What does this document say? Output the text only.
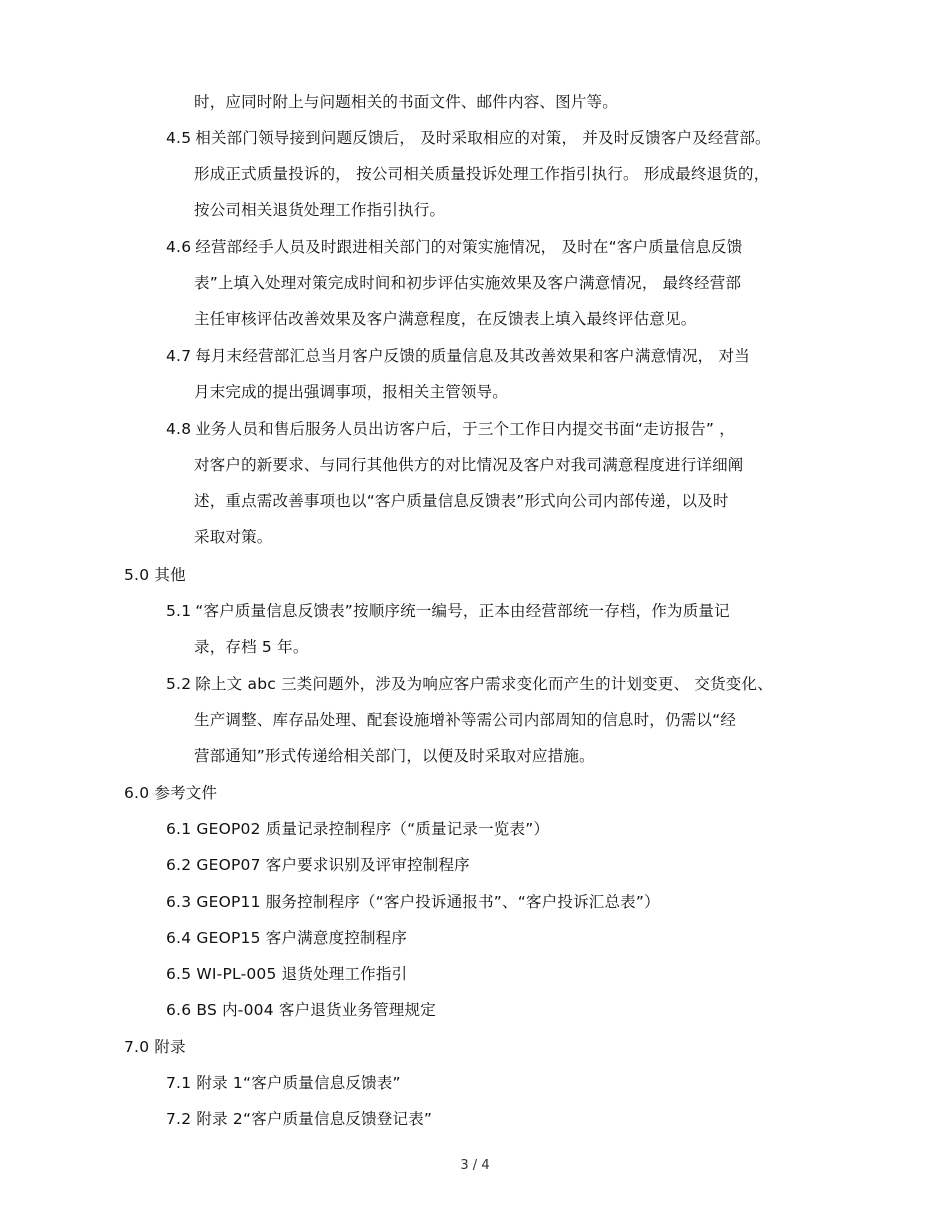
时，应同时附上与问题相关的书面文件、邮件内容、图片等。
4.5 相关部门领导接到问题反馈后， 及时采取相应的对策， 并及时反馈客户及经营部。
形成正式质量投诉的， 按公司相关质量投诉处理工作指引执行。 形成最终退货的，
按公司相关退货处理工作指引执行。
4.6 经营部经手人员及时跟进相关部门的对策实施情况， 及时在“客户质量信息反馈
表”上填入处理对策完成时间和初步评估实施效果及客户满意情况， 最终经营部
主任审核评估改善效果及客户满意程度，在反馈表上填入最终评估意见。
4.7 每月末经营部汇总当月客户反馈的质量信息及其改善效果和客户满意情况， 对当
月末完成的提出强调事项，报相关主管领导。
4.8 业务人员和售后服务人员出访客户后，于三个工作日内提交书面“走访报告” ，
对客户的新要求、与同行其他供方的对比情况及客户对我司满意程度进行详细阐
述，重点需改善事项也以“客户质量信息反馈表”形式向公司内部传递，以及时
采取对策。
5.0 其他
5.1 “客户质量信息反馈表”按顺序统一编号，正本由经营部统一存档，作为质量记
录，存档 5 年。
5.2 除上文 abc 三类问题外，涉及为响应客户需求变化而产生的计划变更、 交货变化、
生产调整、库存品处理、配套设施增补等需公司内部周知的信息时，仍需以“经
营部通知”形式传递给相关部门，以便及时采取对应措施。
6.0 参考文件
6.1 GEOP02 质量记录控制程序（“质量记录一览表”）
6.2 GEOP07 客户要求识别及评审控制程序
6.3 GEOP11 服务控制程序（“客户投诉通报书”、“客户投诉汇总表”）
6.4 GEOP15 客户满意度控制程序
6.5 WI-PL-005 退货处理工作指引
6.6 BS 内-004 客户退货业务管理规定
7.0 附录
7.1 附录 1“客户质量信息反馈表”
7.2 附录 2“客户质量信息反馈登记表”
3 / 4
